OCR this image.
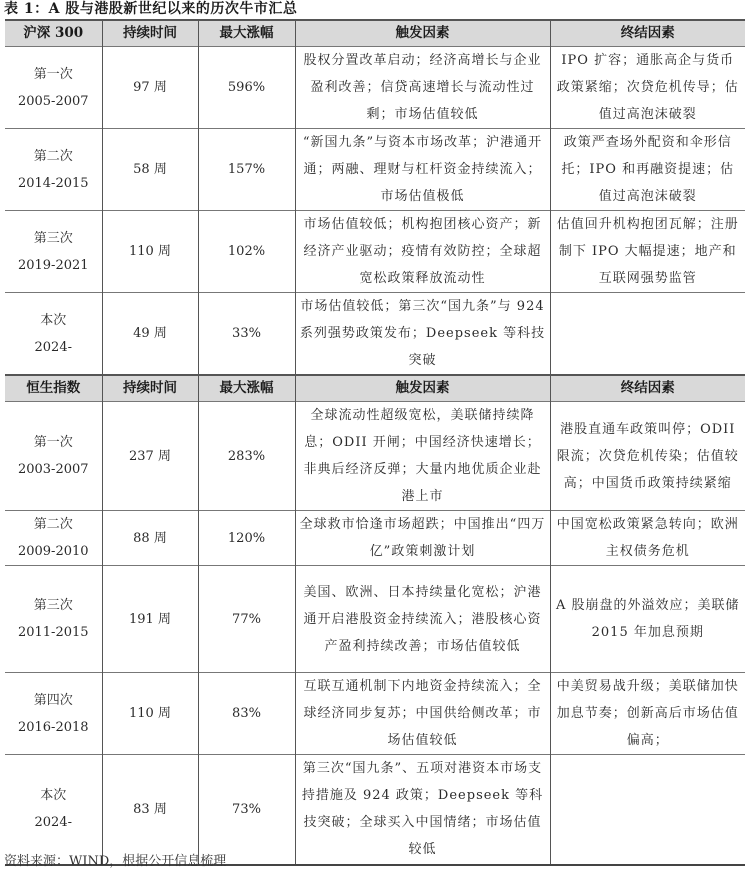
表 1：A 股与港股新世纪以来的历次牛市汇总
沪深 300	持续时间	最大涨幅	触发因素	终结因素

第一次
2005-2007	97 周	596%	股权分置改革启动；经济高增长与企业盈利改善；信贷高速增长与流动性过剩；市场估值较低	IPO 扩容；通胀高企与货币政策紧缩；次贷危机传导；估值过高泡沫破裂

第二次
2014-2015	58 周	157%	“新国九条”与资本市场改革；沪港通开通；两融、理财与杠杆资金持续流入；市场估值极低	政策严查场外配资和伞形信托；IPO 和再融资提速；估值过高泡沫破裂

第三次
2019-2021	110 周	102%	市场估值较低；机构抱团核心资产；新经济产业驱动；疫情有效防控；全球超宽松政策释放流动性	估值回升机构抱团瓦解；注册制下 IPO 大幅提速；地产和互联网强势监管

本次
2024-	49 周	33%	市场估值较低；第三次“国九条”与 924 系列强势政策发布；Deepseek 等科技突破	
恒生指数	持续时间	最大涨幅	触发因素	终结因素

第一次
2003-2007	237 周	283%	全球流动性超级宽松，美联储持续降息；ODII 开闸；中国经济快速增长；非典后经济反弹；大量内地优质企业赴港上市	港股直通车政策叫停；ODII 限流；次贷危机传染；估值较高；中国货币政策持续紧缩

第二次
2009-2010	88 周	120%	全球救市恰逢市场超跌；中国推出“四万亿”政策刺激计划	中国宽松政策紧急转向；欧洲主权债务危机

第三次
2011-2015	191 周	77%	美国、欧洲、日本持续量化宽松；沪港通开启港股资金持续流入；港股核心资产盈利持续改善；市场估值较低	A 股崩盘的外溢效应；美联储 2015 年加息预期

第四次
2016-2018	110 周	83%	互联互通机制下内地资金持续流入；全球经济同步复苏；中国供给侧改革；市场估值较低	中美贸易战升级；美联储加快加息节奏；创新高后市场估值偏高；

本次
2024-	83 周	73%	第三次“国九条”、五项对港资本市场支持措施及 924 政策；Deepseek 等科技突破；全球买入中国情绪；市场估值较低	
资料来源：WIND，根据公开信息梳理
